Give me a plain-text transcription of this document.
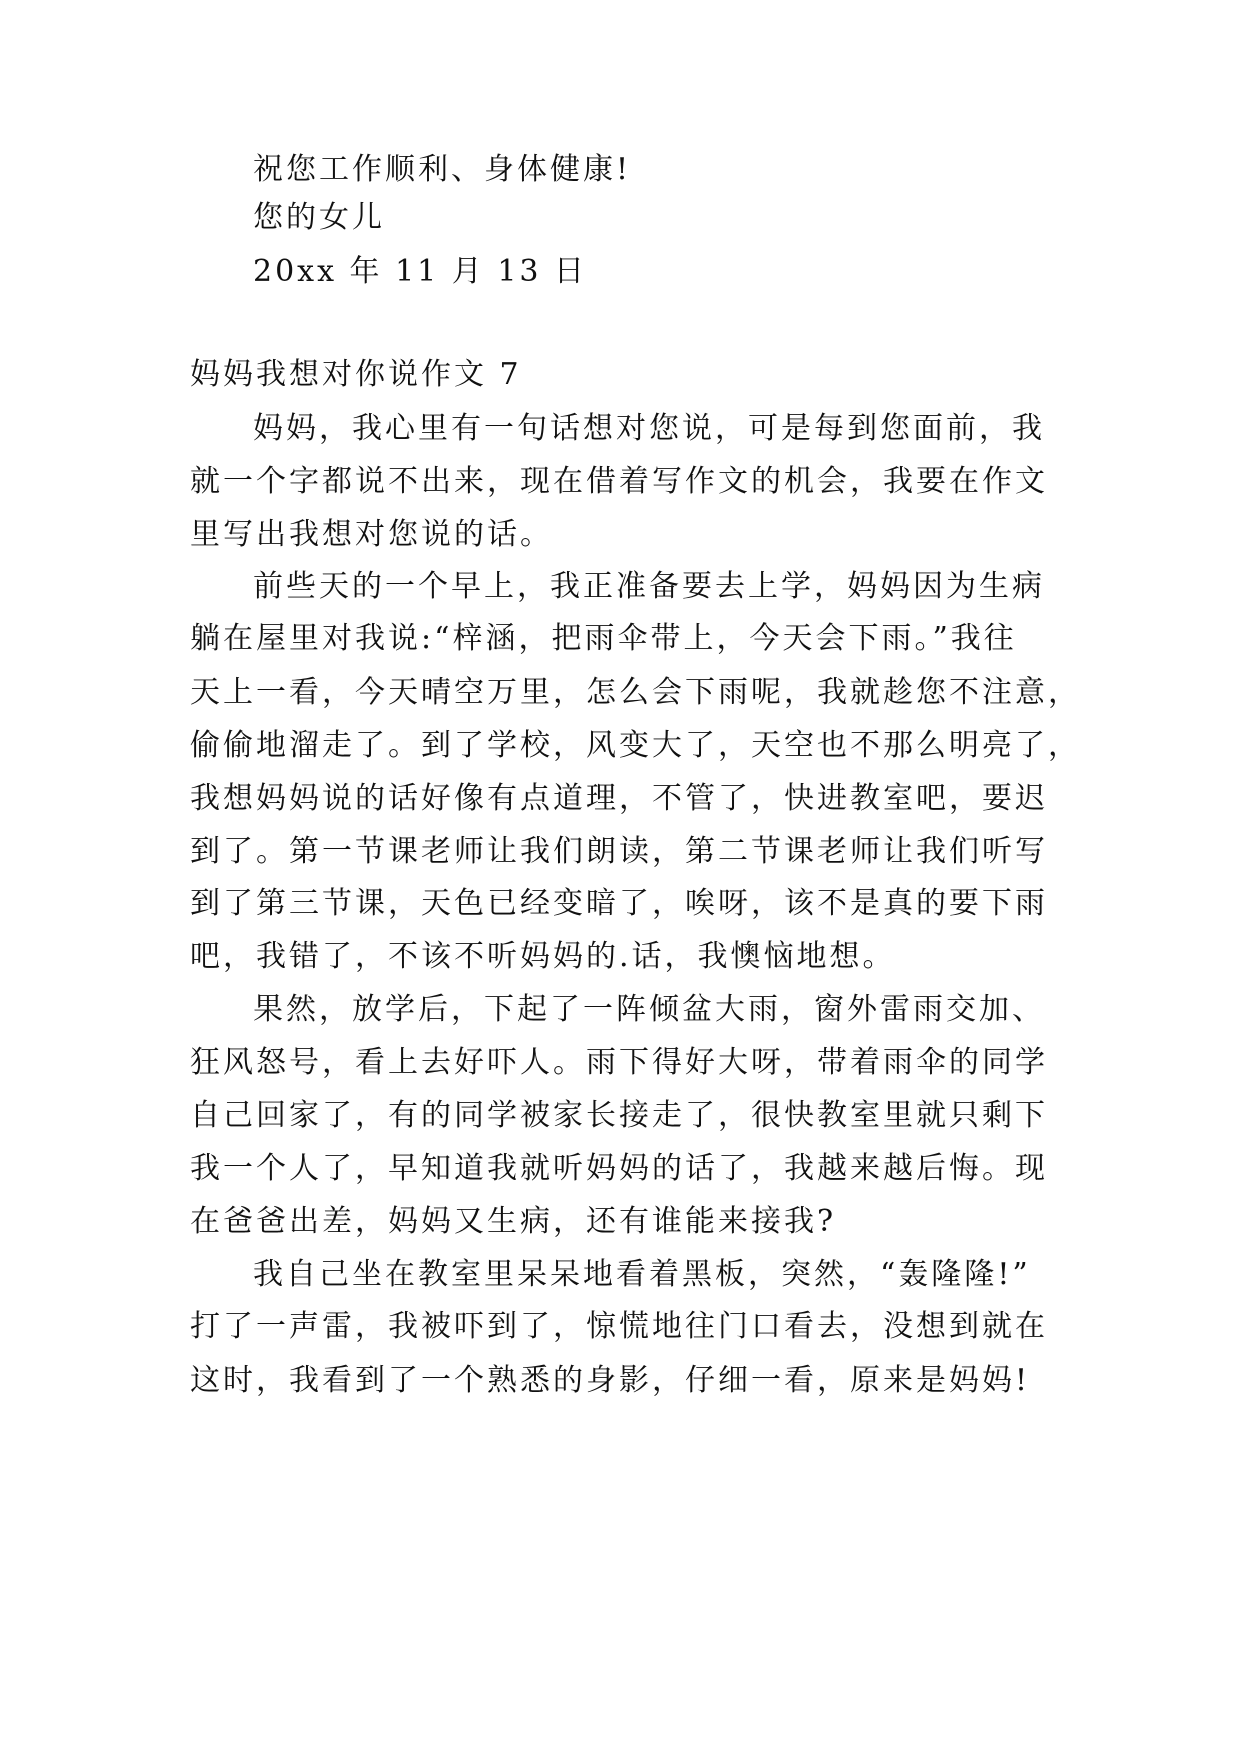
祝您工作顺利、身体健康!
您的女儿
20xx 年 11 月 13 日
妈妈我想对你说作文 7
妈妈，我心里有一句话想对您说，可是每到您面前，我
就一个字都说不出来，现在借着写作文的机会，我要在作文
里写出我想对您说的话。
前些天的一个早上，我正准备要去上学，妈妈因为生病
躺在屋里对我说:“梓涵，把雨伞带上，今天会下雨。”我往
天上一看，今天晴空万里，怎么会下雨呢，我就趁您不注意，
偷偷地溜走了。到了学校，风变大了，天空也不那么明亮了，
我想妈妈说的话好像有点道理，不管了，快进教室吧，要迟
到了。第一节课老师让我们朗读，第二节课老师让我们听写
到了第三节课，天色已经变暗了，唉呀，该不是真的要下雨
吧，我错了，不该不听妈妈的.话，我懊恼地想。
果然，放学后，下起了一阵倾盆大雨，窗外雷雨交加、
狂风怒号，看上去好吓人。雨下得好大呀，带着雨伞的同学
自己回家了，有的同学被家长接走了，很快教室里就只剩下
我一个人了，早知道我就听妈妈的话了，我越来越后悔。现
在爸爸出差，妈妈又生病，还有谁能来接我?
我自己坐在教室里呆呆地看着黑板，突然，“轰隆隆!”
打了一声雷，我被吓到了，惊慌地往门口看去，没想到就在
这时，我看到了一个熟悉的身影，仔细一看，原来是妈妈!
